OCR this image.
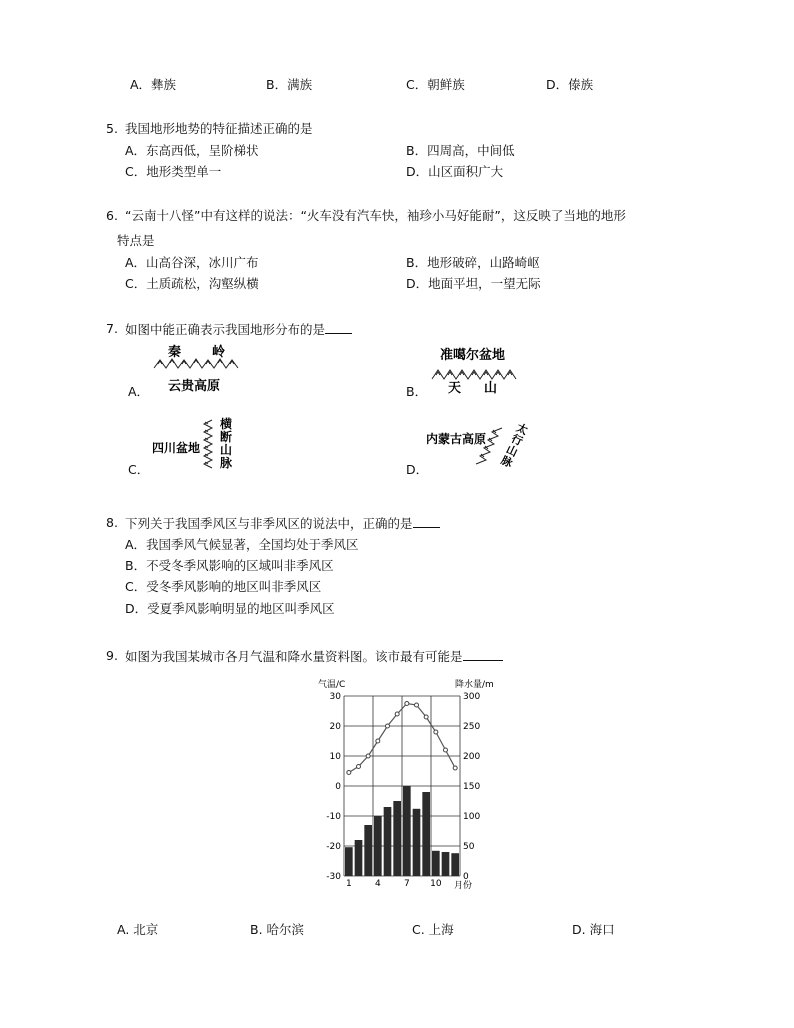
A．彝族	B．满族	C．朝鲜族	D．傣族
5. 我国地形地势的特征描述正确的是
A．东高西低，呈阶梯状	B．四周高，中间低
C．地形类型单一	D．山区面积广大
6. “云南十八怪”中有这样的说法：“火车没有汽车快，袖珍小马好能耐”，这反映了当地的地形
特点是
A．山高谷深，冰川广布	B．地形破碎，山路崎岖
C．土质疏松，沟壑纵横	D．地面平坦，一望无际
7. 如图中能正确表示我国地形分布的是
A．	B．
C．	D．
秦 岭
云贵高原
准噶尔盆地
天 山
四川盆地
横
断
山
脉
内蒙古高原
太
行
山
脉
8. 下列关于我国季风区与非季风区的说法中，正确的是
A．我国季风气候显著，全国均处于季风区
B．不受冬季风影响的区域叫非季风区
C．受冬季风影响的地区叫非季风区
D．受夏季风影响明显的地区叫季风区
9. 如图为我国某城市各月气温和降水量资料图。该市最有可能是
气温/C	降水量/m
30	300
20	250
10	200
0	150
-10	100
-20	50
-30	0
1	4	7 10 月份
A. 北京	B. 哈尔滨	C. 上海	D. 海口
